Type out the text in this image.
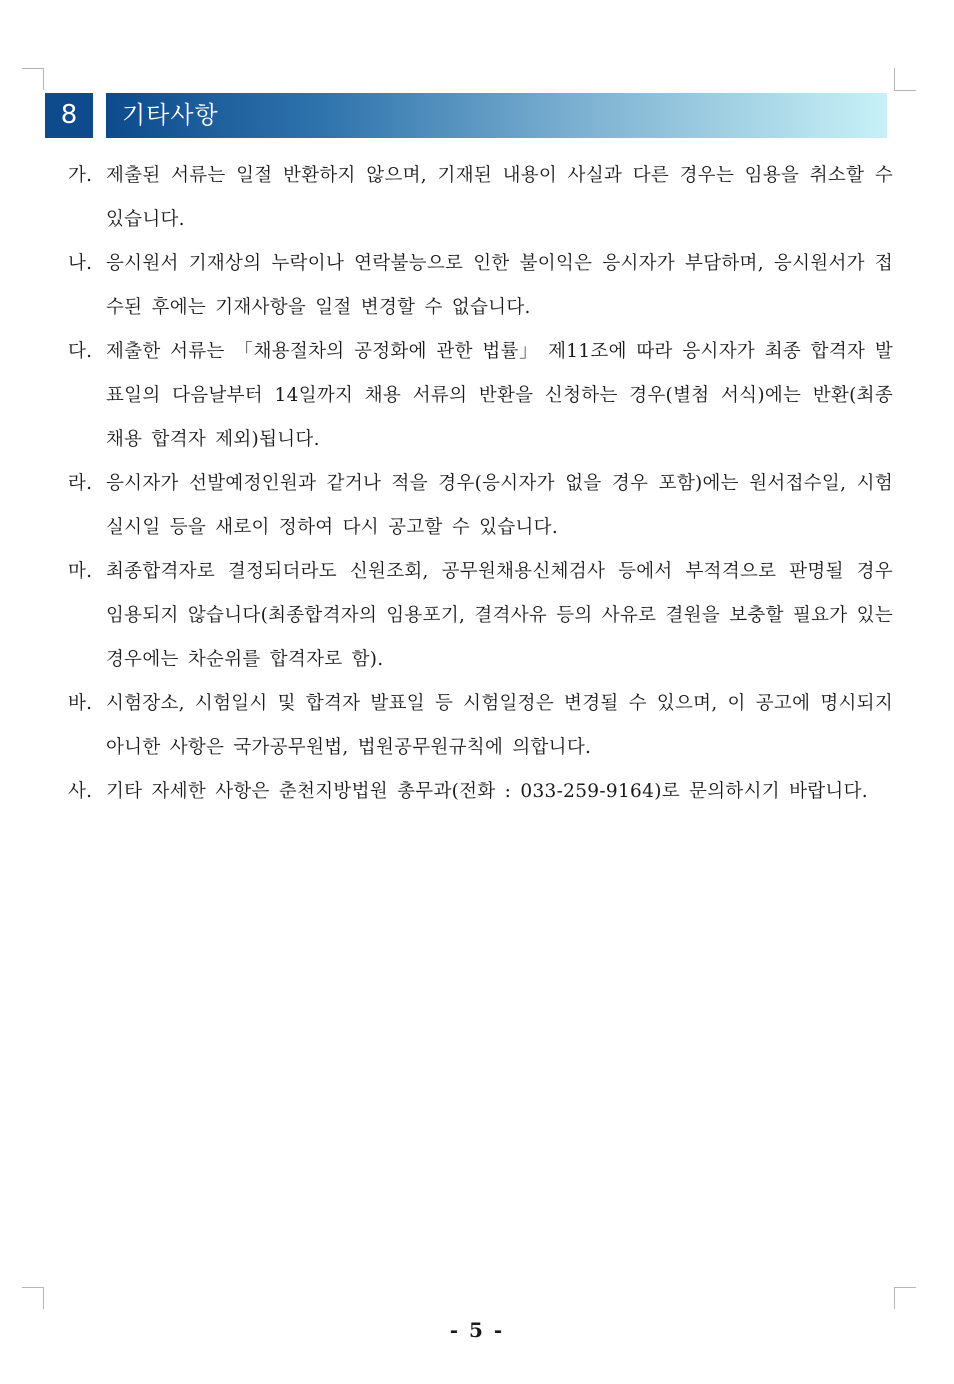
8	기타사항
가. 제출된 서류는 일절 반환하지 않으며, 기재된 내용이 사실과 다른 경우는 임용을 취소할 수 있습니다.
나. 응시원서 기재상의 누락이나 연락불능으로 인한 불이익은 응시자가 부담하며, 응시원서가 접수된 후에는 기재사항을 일절 변경할 수 없습니다.
다. 제출한 서류는 「채용절차의 공정화에 관한 법률」 제11조에 따라 응시자가 최종 합격자 발표일의 다음날부터 14일까지 채용 서류의 반환을 신청하는 경우(별첨 서식)에는 반환(최종 채용 합격자 제외)됩니다.
라. 응시자가 선발예정인원과 같거나 적을 경우(응시자가 없을 경우 포함)에는 원서접수일, 시험실시일 등을 새로이 정하여 다시 공고할 수 있습니다.
마. 최종합격자로 결정되더라도 신원조회, 공무원채용신체검사 등에서 부적격으로 판명될 경우 임용되지 않습니다(최종합격자의 임용포기, 결격사유 등의 사유로 결원을 보충할 필요가 있는 경우에는 차순위를 합격자로 함).
바. 시험장소, 시험일시 및 합격자 발표일 등 시험일정은 변경될 수 있으며, 이 공고에 명시되지 아니한 사항은 국가공무원법, 법원공무원규칙에 의합니다.
사. 기타 자세한 사항은 춘천지방법원 총무과(전화 : 033-259-9164)로 문의하시기 바랍니다.
- 5 -
